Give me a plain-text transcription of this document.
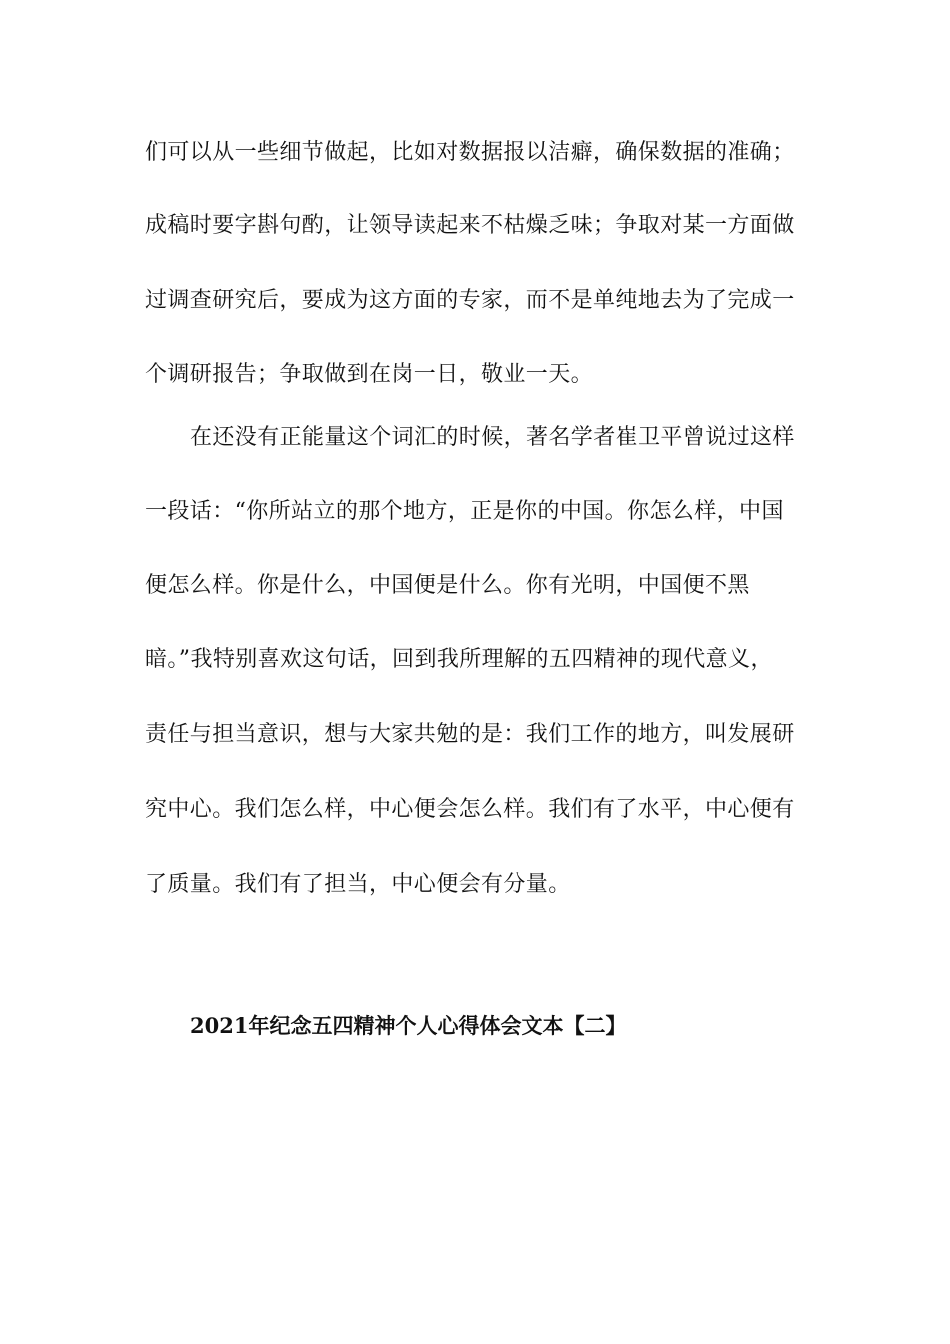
们可以从一些细节做起，比如对数据报以洁癖，确保数据的准确；
成稿时要字斟句酌，让领导读起来不枯燥乏味；争取对某一方面做
过调查研究后，要成为这方面的专家，而不是单纯地去为了完成一
个调研报告；争取做到在岗一日，敬业一天。
在还没有正能量这个词汇的时候，著名学者崔卫平曾说过这样
一段话：“你所站立的那个地方，正是你的中国。你怎么样，中国
便怎么样。你是什么，中国便是什么。你有光明，中国便不黑
暗。”我特别喜欢这句话，回到我所理解的五四精神的现代意义，
责任与担当意识，想与大家共勉的是：我们工作的地方，叫发展研
究中心。我们怎么样，中心便会怎么样。我们有了水平，中心便有
了质量。我们有了担当，中心便会有分量。
2021年纪念五四精神个人心得体会文本【二】
